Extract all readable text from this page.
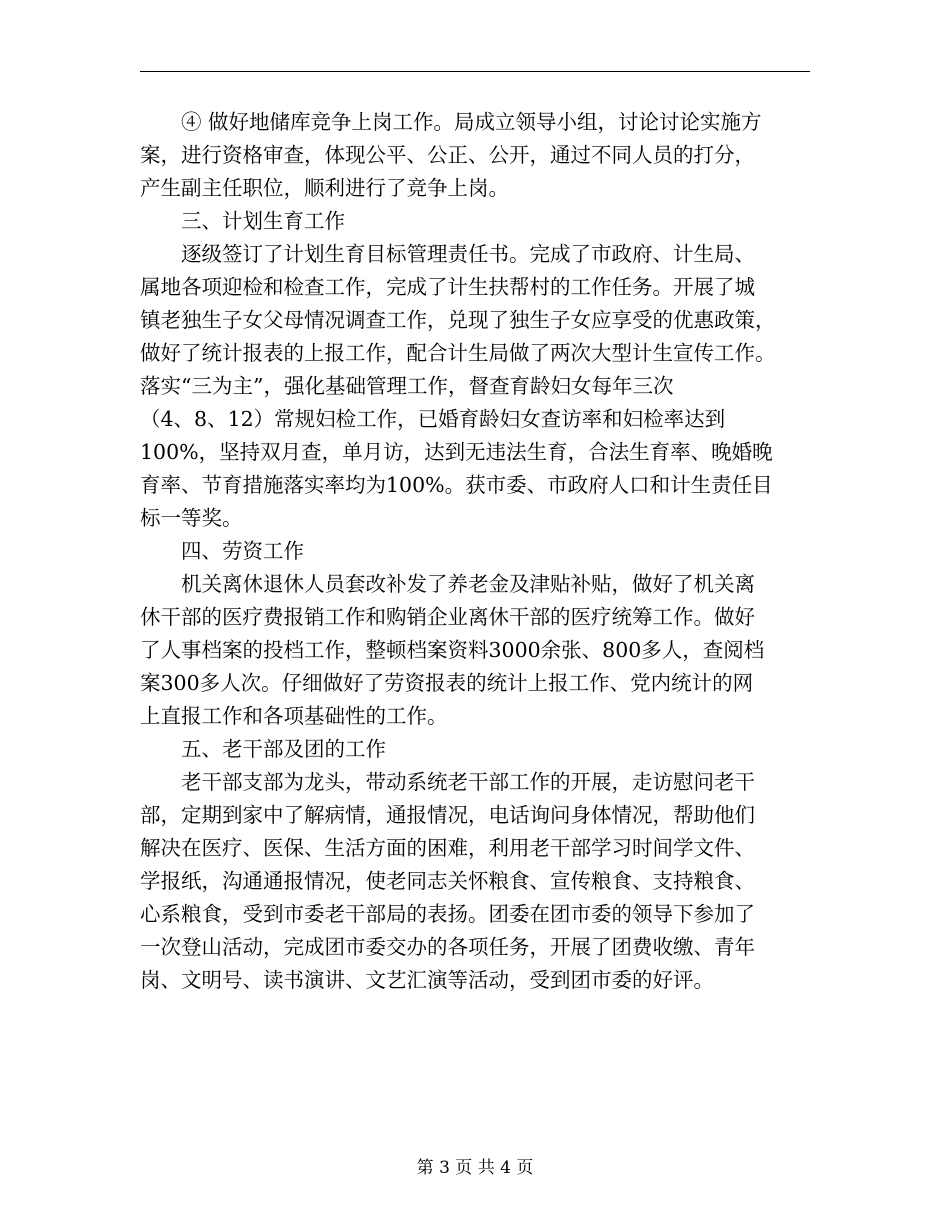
④ 做好地储库竞争上岗工作。局成立领导小组，讨论讨论实施方
案，进行资格审查，体现公平、公正、公开，通过不同人员的打分，
产生副主任职位，顺利进行了竞争上岗。

三、计划生育工作

逐级签订了计划生育目标管理责任书。完成了市政府、计生局、
属地各项迎检和检查工作，完成了计生扶帮村的工作任务。开展了城
镇老独生子女父母情况调查工作，兑现了独生子女应享受的优惠政策，
做好了统计报表的上报工作，配合计生局做了两次大型计生宣传工作。
落实“三为主”，强化基础管理工作，督查育龄妇女每年三次
（4、8、12）常规妇检工作，已婚育龄妇女查访率和妇检率达到
100%，坚持双月查，单月访，达到无违法生育，合法生育率、晚婚晚
育率、节育措施落实率均为100%。获市委、市政府人口和计生责任目
标一等奖。

四、劳资工作

机关离休退休人员套改补发了养老金及津贴补贴，做好了机关离
休干部的医疗费报销工作和购销企业离休干部的医疗统筹工作。做好
了人事档案的投档工作，整顿档案资料3000余张、800多人，查阅档
案300多人次。仔细做好了劳资报表的统计上报工作、党内统计的网
上直报工作和各项基础性的工作。

五、老干部及团的工作

老干部支部为龙头，带动系统老干部工作的开展，走访慰问老干
部，定期到家中了解病情，通报情况，电话询问身体情况，帮助他们
解决在医疗、医保、生活方面的困难，利用老干部学习时间学文件、
学报纸，沟通通报情况，使老同志关怀粮食、宣传粮食、支持粮食、
心系粮食，受到市委老干部局的表扬。团委在团市委的领导下参加了
一次登山活动，完成团市委交办的各项任务，开展了团费收缴、青年
岗、文明号、读书演讲、文艺汇演等活动，受到团市委的好评。

第 3 页 共 4 页
